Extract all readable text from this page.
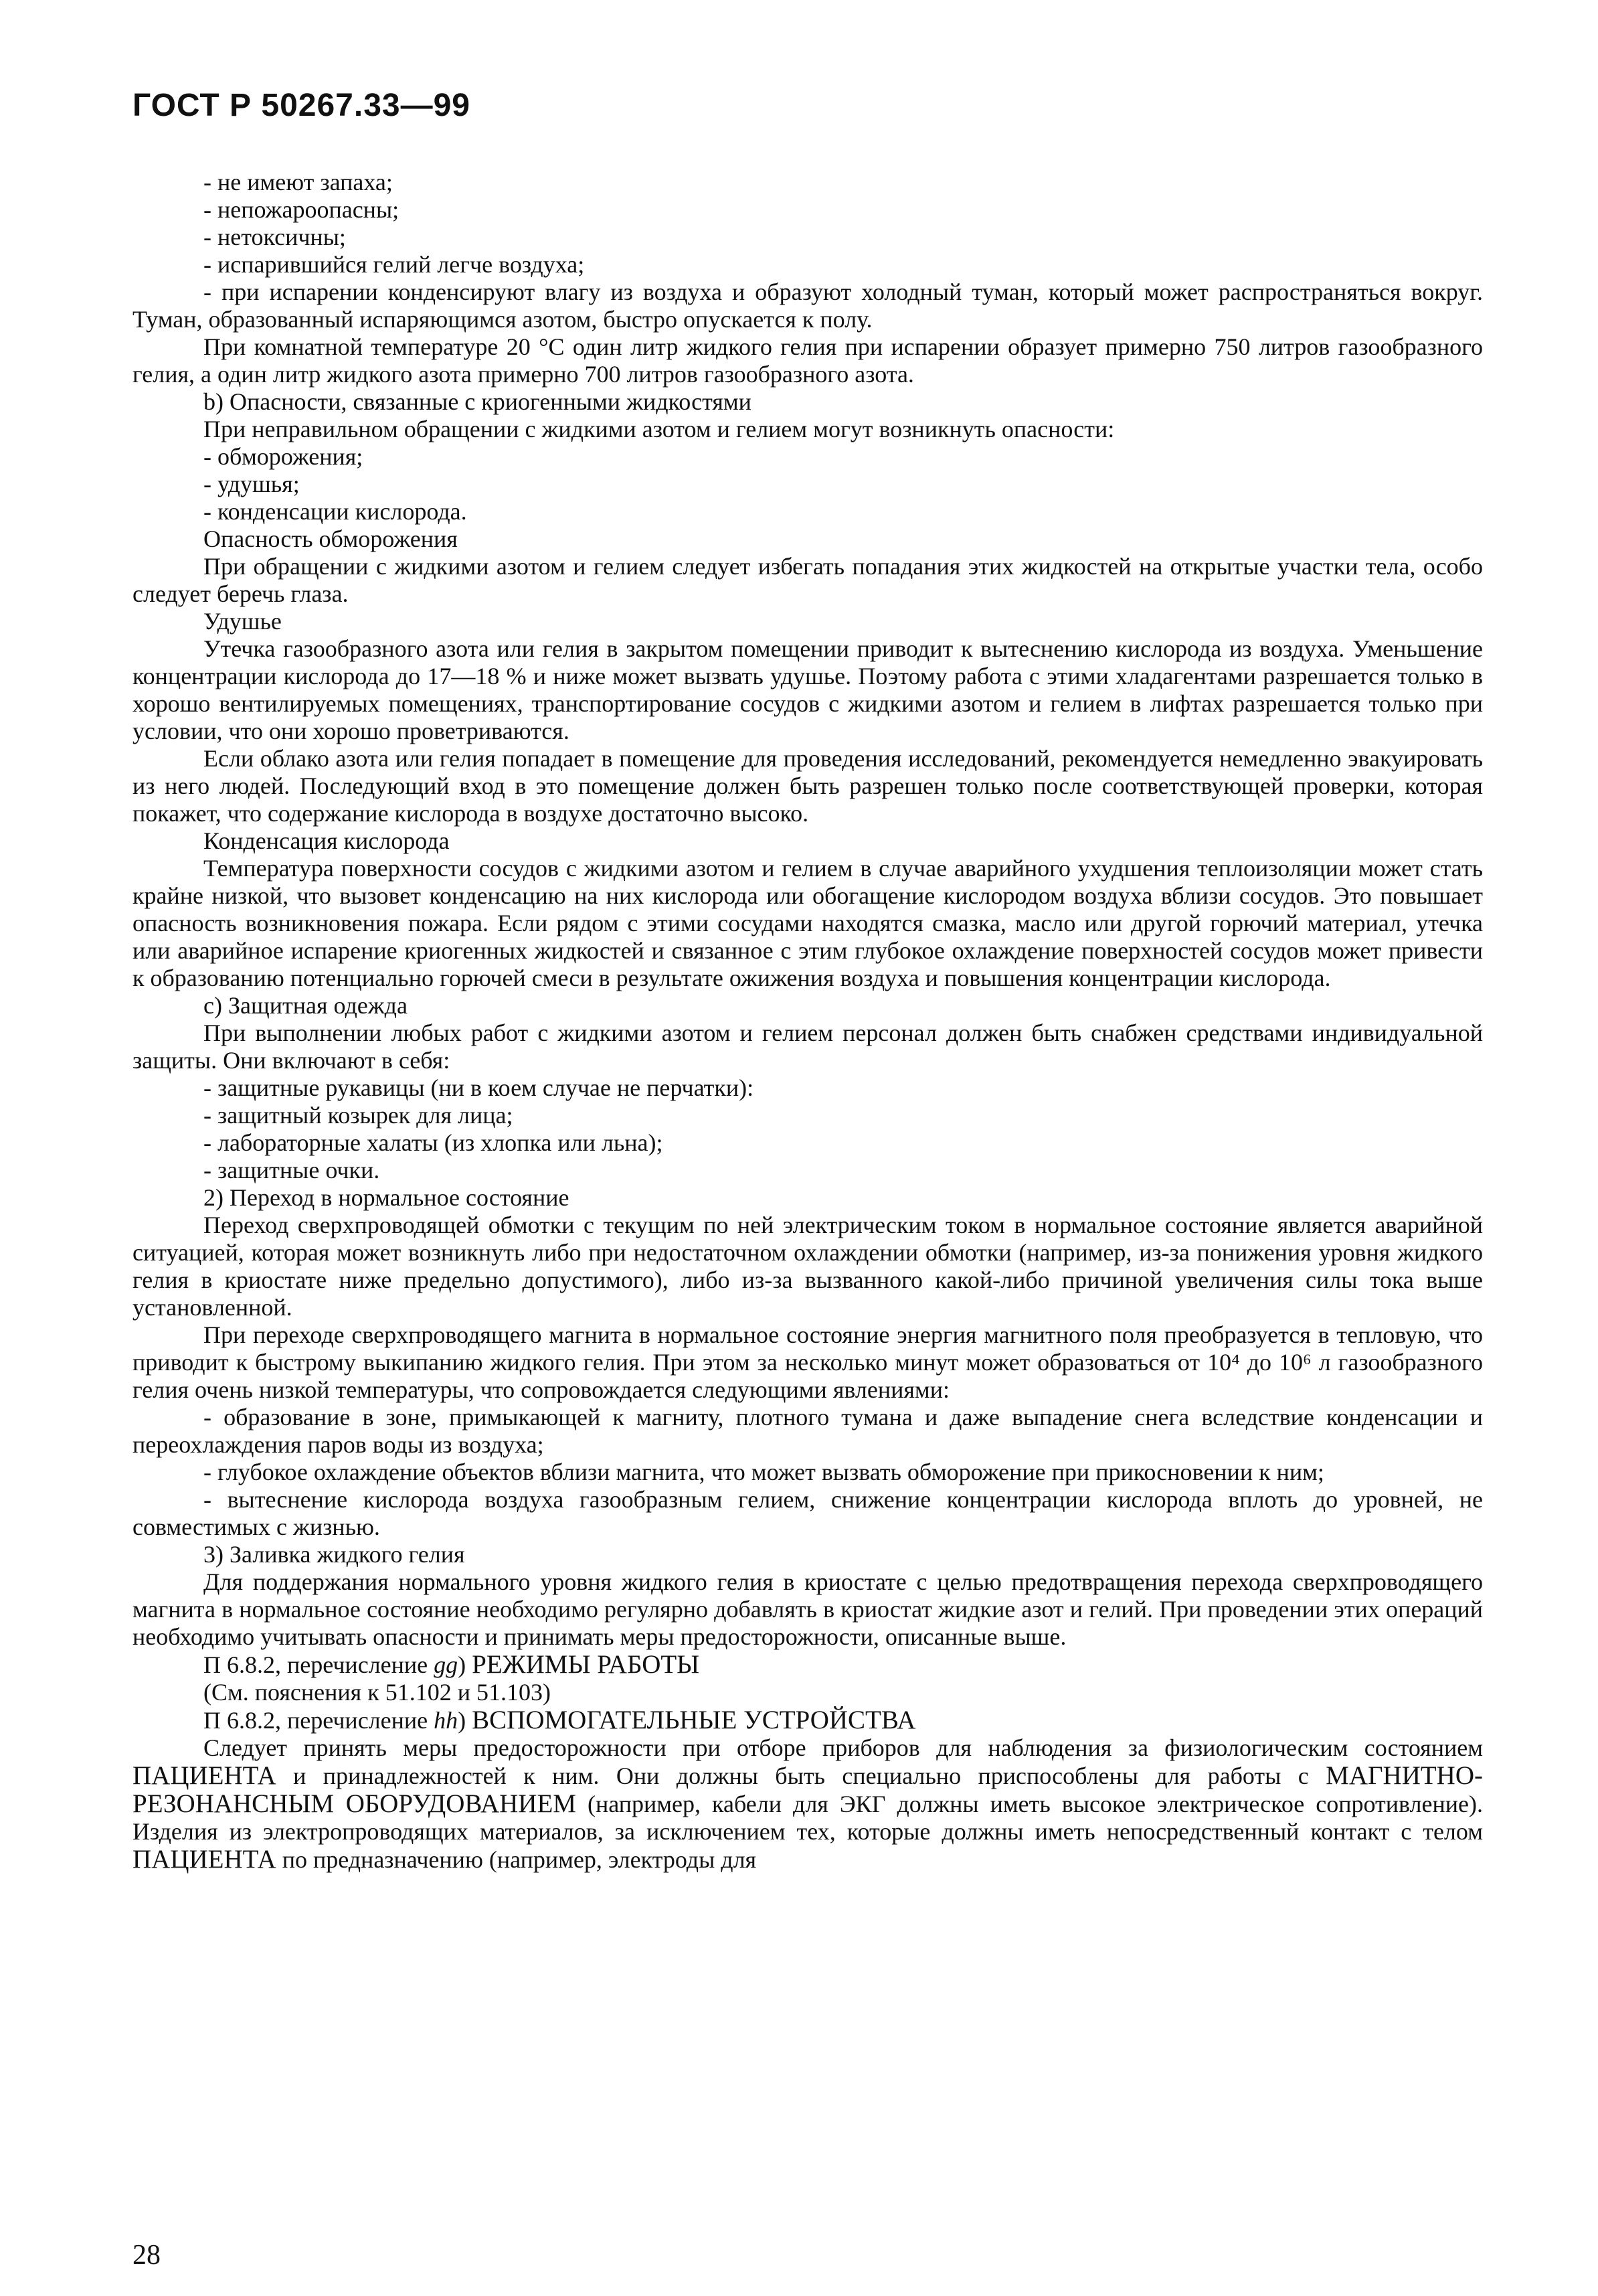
ГОСТ Р 50267.33—99

- не имеют запаха;

- непожароопасны;

- нетоксичны;

- испарившийся гелий легче воздуха;

- при испарении конденсируют влагу из воздуха и образуют холодный туман, который может распространяться вокруг. Туман, образованный испаряющимся азотом, быстро опускается к полу.

При комнатной температуре 20 °С один литр жидкого гелия при испарении образует примерно 750 литров газообразного гелия, а один литр жидкого азота примерно 700 литров газообразного азота.

b) Опасности, связанные с криогенными жидкостями

При неправильном обращении с жидкими азотом и гелием могут возникнуть опасности:

- обморожения;

- удушья;

- конденсации кислорода.

Опасность обморожения

При обращении с жидкими азотом и гелием следует избегать попадания этих жидкостей на открытые участки тела, особо следует беречь глаза.

Удушье

Утечка газообразного азота или гелия в закрытом помещении приводит к вытеснению кислорода из воздуха. Уменьшение концентрации кислорода до 17—18 % и ниже может вызвать удушье. Поэтому работа с этими хладагентами разрешается только в хорошо вентилируемых помещениях, транспортирование сосудов с жидкими азотом и гелием в лифтах разрешается только при условии, что они хорошо проветриваются.

Если облако азота или гелия попадает в помещение для проведения исследований, рекомендуется немедленно эвакуировать из него людей. Последующий вход в это помещение должен быть разрешен только после соответствующей проверки, которая покажет, что содержание кислорода в воздухе достаточно высоко.

Конденсация кислорода

Температура поверхности сосудов с жидкими азотом и гелием в случае аварийного ухудшения теплоизоляции может стать крайне низкой, что вызовет конденсацию на них кислорода или обогащение кислородом воздуха вблизи сосудов. Это повышает опасность возникновения пожара. Если рядом с этими сосудами находятся смазка, масло или другой горючий материал, утечка или аварийное испарение криогенных жидкостей и связанное с этим глубокое охлаждение поверхностей сосудов может привести к образованию потенциально горючей смеси в результате ожижения воздуха и повышения концентрации кислорода.

c) Защитная одежда

При выполнении любых работ с жидкими азотом и гелием персонал должен быть снабжен средствами индивидуальной защиты. Они включают в себя:

- защитные рукавицы (ни в коем случае не перчатки):

- защитный козырек для лица;

- лабораторные халаты (из хлопка или льна);

- защитные очки.

2) Переход в нормальное состояние

Переход сверхпроводящей обмотки с текущим по ней электрическим током в нормальное состояние является аварийной ситуацией, которая может возникнуть либо при недостаточном охлаждении обмотки (например, из-за понижения уровня жидкого гелия в криостате ниже предельно допустимого), либо из-за вызванного какой-либо причиной увеличения силы тока выше установленной.

При переходе сверхпроводящего магнита в нормальное состояние энергия магнитного поля преобразуется в тепловую, что приводит к быстрому выкипанию жидкого гелия. При этом за несколько минут может образоваться от 10⁴ до 10⁶ л газообразного гелия очень низкой температуры, что сопровождается следующими явлениями:

- образование в зоне, примыкающей к магниту, плотного тумана и даже выпадение снега вследствие конденсации и переохлаждения паров воды из воздуха;

- глубокое охлаждение объектов вблизи магнита, что может вызвать обморожение при прикосновении к ним;

- вытеснение кислорода воздуха газообразным гелием, снижение концентрации кислорода вплоть до уровней, не совместимых с жизнью.

3) Заливка жидкого гелия

Для поддержания нормального уровня жидкого гелия в криостате с целью предотвращения перехода сверхпроводящего магнита в нормальное состояние необходимо регулярно добавлять в криостат жидкие азот и гелий. При проведении этих операций необходимо учитывать опасности и принимать меры предосторожности, описанные выше.

П 6.8.2, перечисление gg) РЕЖИМЫ РАБОТЫ

(См. пояснения к 51.102 и 51.103)

П 6.8.2, перечисление hh) ВСПОМОГАТЕЛЬНЫЕ УСТРОЙСТВА

Следует принять меры предосторожности при отборе приборов для наблюдения за физиологическим состоянием ПАЦИЕНТА и принадлежностей к ним. Они должны быть специально приспособлены для работы с МАГНИТНО-РЕЗОНАНСНЫМ ОБОРУДОВАНИЕМ (например, кабели для ЭКГ должны иметь высокое электрическое сопротивление). Изделия из электропроводящих материалов, за исключением тех, которые должны иметь непосредственный контакт с телом ПАЦИЕНТА по предназначению (например, электроды для

28
